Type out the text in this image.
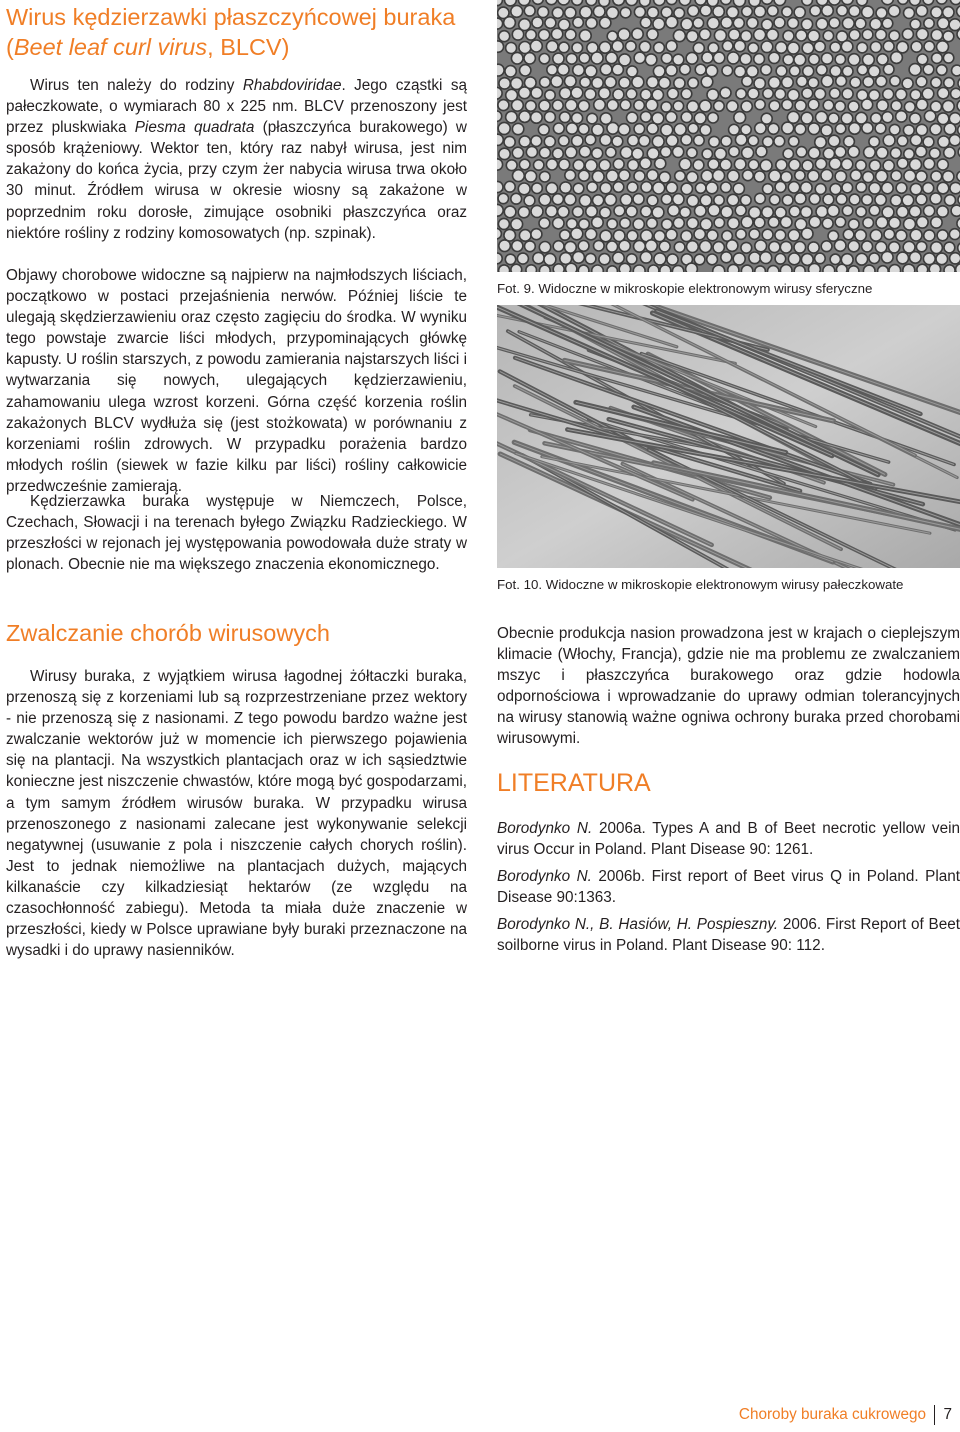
Wirus kędzierzawki płaszczyńcowej buraka (Beet leaf curl virus, BLCV)

Wirus ten należy do rodziny Rhabdoviridae. Jego cząstki są pałeczkowate, o wymiarach 80 x 225 nm. BLCV przenoszony jest przez pluskwiaka Piesma quadrata (płaszczyńca burakowego) w sposób krążeniowy. Wektor ten, który raz nabył wirusa, jest nim zakażony do końca życia, przy czym żer nabycia wirusa trwa około 30 minut. Źródłem wirusa w okresie wiosny są zakażone w poprzednim roku dorosłe, zimujące osobniki płaszczyńca oraz niektóre rośliny z rodziny komosowatych (np. szpinak).

Objawy chorobowe widoczne są najpierw na najmłodszych liściach, początkowo w postaci przejaśnienia nerwów. Później liście te ulegają skędzierzawieniu oraz często zagięciu do środka. W wyniku tego powstaje zwarcie liści młodych, przypominających główkę kapusty. U roślin starszych, z powodu zamierania najstarszych liści i wytwarzania się nowych, ulegających kędzierzawieniu, zahamowaniu ulega wzrost korzeni. Górna część korzenia roślin zakażonych BLCV wydłuża się (jest stożkowata) w porównaniu z korzeniami roślin zdrowych. W przypadku porażenia bardzo młodych roślin (siewek w fazie kilku par liści) rośliny całkowicie przedwcześnie zamierają.

Kędzierzawka buraka występuje w Niemczech, Polsce, Czechach, Słowacji i na terenach byłego Związku Radzieckiego. W przeszłości w rejonach jej występowania powodowała duże straty w plonach. Obecnie nie ma większego znaczenia ekonomicznego.

Zwalczanie chorób wirusowych

Wirusy buraka, z wyjątkiem wirusa łagodnej żółtaczki buraka, przenoszą się z korzeniami lub są rozprzestrzeniane przez wektory - nie przenoszą się z nasionami. Z tego powodu bardzo ważne jest zwalczanie wektorów już w momencie ich pierwszego pojawienia się na plantacji. Na wszystkich plantacjach oraz w ich sąsiedztwie konieczne jest niszczenie chwastów, które mogą być gospodarzami, a tym samym źródłem wirusów buraka. W przypadku wirusa przenoszonego z nasionami zalecane jest wykonywanie selekcji negatywnej (usuwanie z pola i niszczenie całych chorych roślin). Jest to jednak niemożliwe na plantacjach dużych, mających kilkanaście czy kilkadziesiąt hektarów (ze względu na czasochłonność zabiegu). Metoda ta miała duże znaczenie w przeszłości, kiedy w Polsce uprawiane były buraki przeznaczone na wysadki i do uprawy nasienników.

Fot. 9. Widoczne w mikroskopie elektronowym wirusy sferyczne

Fot. 10. Widoczne w mikroskopie elektronowym wirusy pałeczkowate

Obecnie produkcja nasion prowadzona jest w krajach o cieplejszym klimacie (Włochy, Francja), gdzie nie ma problemu ze zwalczaniem mszyc i płaszczyńca burakowego oraz gdzie hodowla odpornościowa i wprowadzanie do uprawy odmian tolerancyjnych na wirusy stanowią ważne ogniwa ochrony buraka przed chorobami wirusowymi.

LITERATURA

Borodynko N. 2006a. Types A and B of Beet necrotic yellow vein virus Occur in Poland. Plant Disease 90: 1261.

Borodynko N. 2006b. First report of Beet virus Q in Poland. Plant Disease 90:1363.

Borodynko N., B. Hasiów, H. Pospieszny. 2006. First Report of Beet soilborne virus in Poland. Plant Disease 90: 112.

Choroby buraka cukrowego 7
